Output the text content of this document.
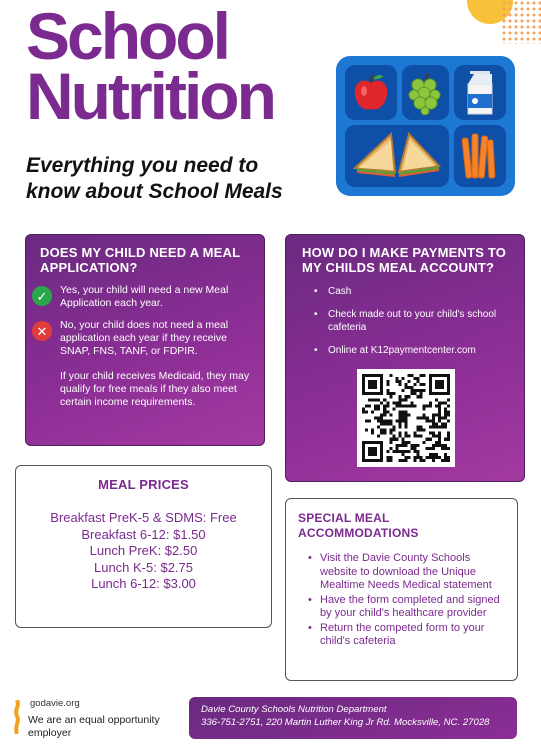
School
Nutrition
Everything you need to
know about School Meals
DOES MY CHILD NEED A MEAL APPLICATION?
✓	Yes, your child will need a new Meal Application each year.
✕	No, your child does not need a meal application each year if they receive SNAP, FNS, TANF, or FDPIR.
If your child receives Medicaid, they may qualify for free meals if they also meet certain income requirements.
HOW DO I MAKE PAYMENTS TO MY CHILDS MEAL ACCOUNT?
• Cash
• Check made out to your child's school cafeteria
• Online at K12paymentcenter.com
MEAL PRICES
Breakfast PreK-5 & SDMS: Free
Breakfast 6-12: $1.50
Lunch PreK: $2.50
Lunch K-5: $2.75
Lunch 6-12: $3.00
SPECIAL MEAL ACCOMMODATIONS
• Visit the Davie County Schools website to download the Unique Mealtime Needs Medical statement
• Have the form completed and signed by your child's healthcare provider
• Return the competed form to your child's cafeteria
godavie.org
We are an equal opportunity employer
Davie County Schools Nutrition Department
336-751-2751, 220 Martin Luther King Jr Rd. Mocksville, NC. 27028
